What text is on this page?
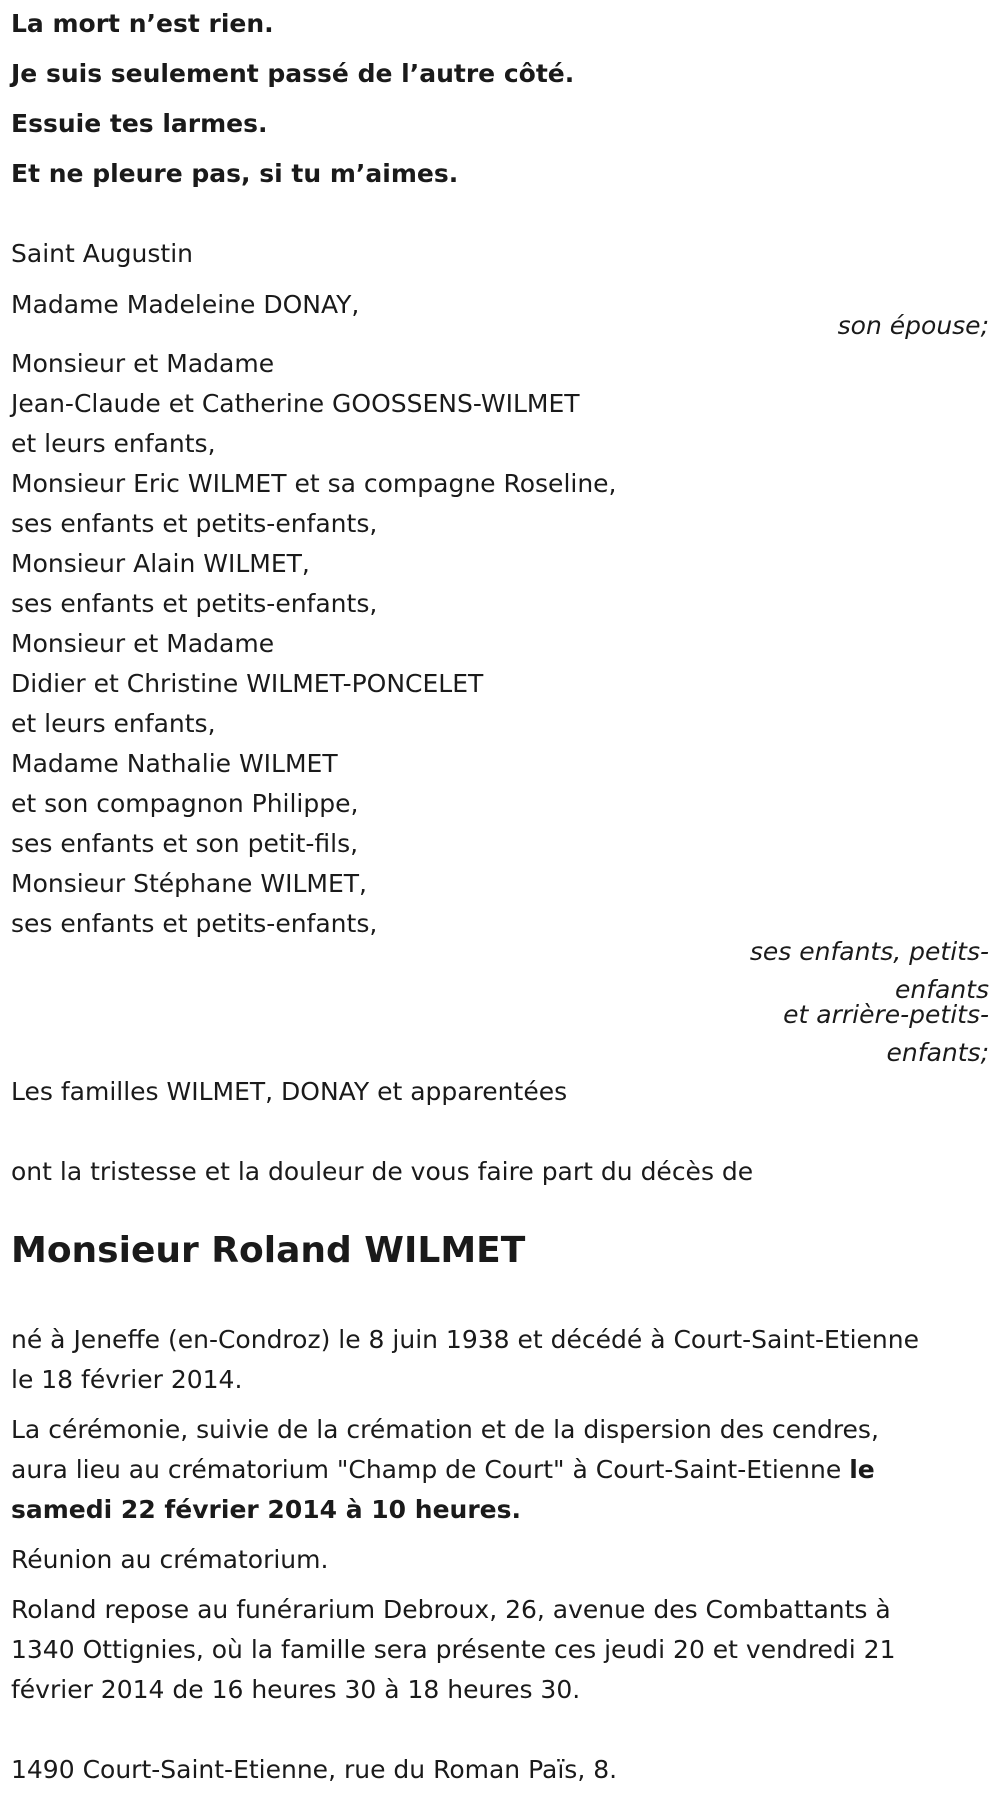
La mort n’est rien.
Je suis seulement passé de l’autre côté.
Essuie tes larmes.
Et ne pleure pas, si tu m’aimes.
Saint Augustin
Madame Madeleine DONAY,
son épouse;
Monsieur et Madame
Jean-Claude et Catherine GOOSSENS-WILMET
et leurs enfants,
Monsieur Eric WILMET et sa compagne Roseline,
ses enfants et petits-enfants,
Monsieur Alain WILMET,
ses enfants et petits-enfants,
Monsieur et Madame
Didier et Christine WILMET-PONCELET
et leurs enfants,
Madame Nathalie WILMET
et son compagnon Philippe,
ses enfants et son petit-fils,
Monsieur Stéphane WILMET,
ses enfants et petits-enfants,
ses enfants, petits-
enfants
et arrière-petits-
enfants;
Les familles WILMET, DONAY et apparentées
ont la tristesse et la douleur de vous faire part du décès de
Monsieur Roland WILMET
né à Jeneffe (en-Condroz) le 8 juin 1938 et décédé à Court-Saint-Etienne
le 18 février 2014.
La cérémonie, suivie de la crémation et de la dispersion des cendres,
aura lieu au crématorium "Champ de Court" à Court-Saint-Etienne le
samedi 22 février 2014 à 10 heures.
Réunion au crématorium.
Roland repose au funérarium Debroux, 26, avenue des Combattants à
1340 Ottignies, où la famille sera présente ces jeudi 20 et vendredi 21
février 2014 de 16 heures 30 à 18 heures 30.
1490 Court-Saint-Etienne, rue du Roman Païs, 8.
